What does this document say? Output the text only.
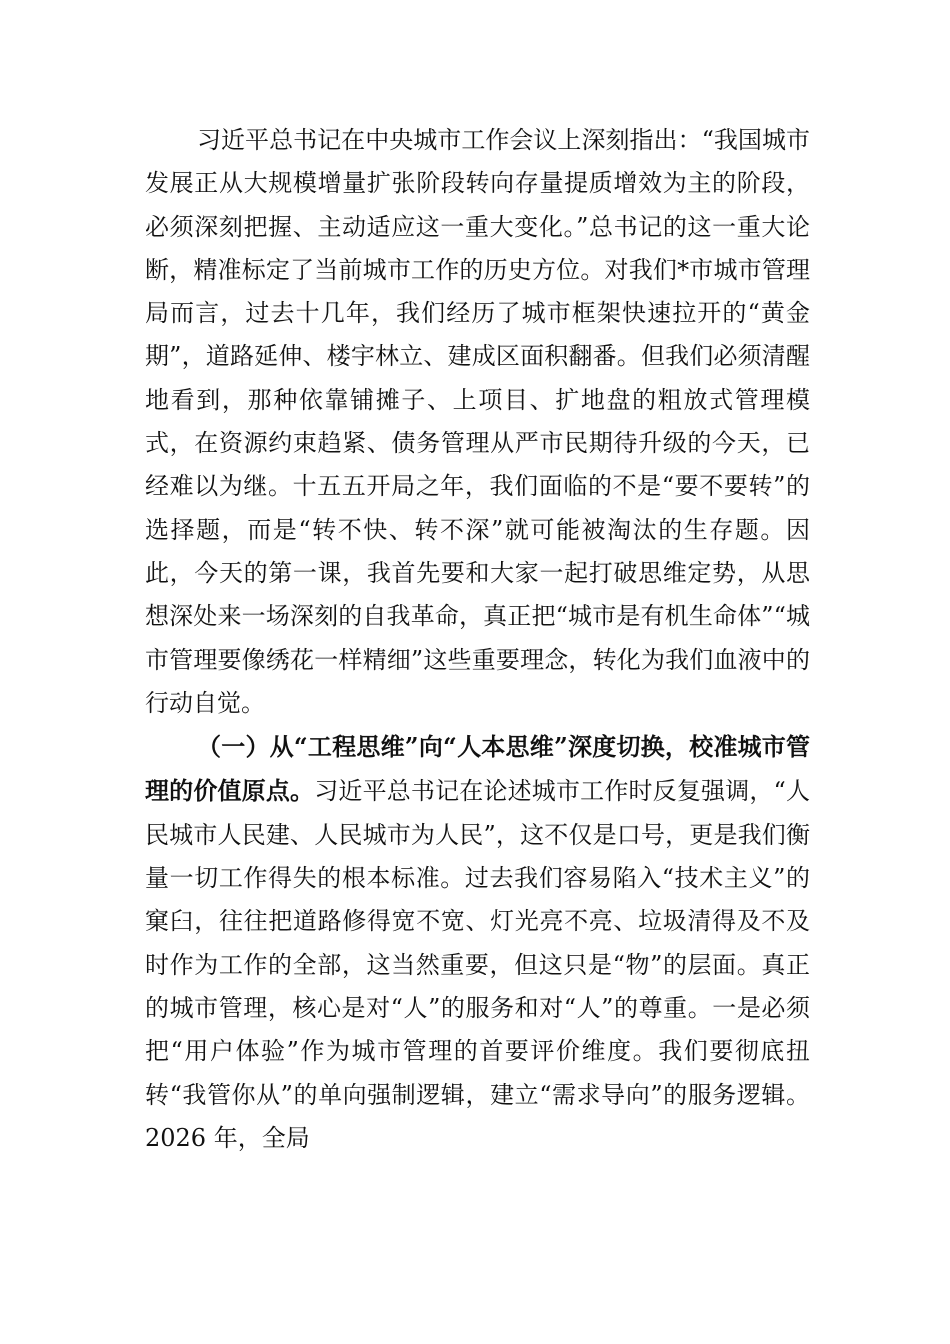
习近平总书记在中央城市工作会议上深刻指出：“我国城市发展正从大规模增量扩张阶段转向存量提质增效为主的阶段，必须深刻把握、主动适应这一重大变化。”总书记的这一重大论断，精准标定了当前城市工作的历史方位。对我们*市城市管理局而言，过去十几年，我们经历了城市框架快速拉开的“黄金期”，道路延伸、楼宇林立、建成区面积翻番。但我们必须清醒地看到，那种依靠铺摊子、上项目、扩地盘的粗放式管理模式，在资源约束趋紧、债务管理从严市民期待升级的今天，已经难以为继。十五五开局之年，我们面临的不是“要不要转”的选择题，而是“转不快、转不深”就可能被淘汰的生存题。因此，今天的第一课，我首先要和大家一起打破思维定势，从思想深处来一场深刻的自我革命，真正把“城市是有机生命体”“城市管理要像绣花一样精细”这些重要理念，转化为我们血液中的行动自觉。

（一）从“工程思维”向“人本思维”深度切换，校准城市管理的价值原点。习近平总书记在论述城市工作时反复强调，“人民城市人民建、人民城市为人民”，这不仅是口号，更是我们衡量一切工作得失的根本标准。过去我们容易陷入“技术主义”的窠臼，往往把道路修得宽不宽、灯光亮不亮、垃圾清得及不及时作为工作的全部，这当然重要，但这只是“物”的层面。真正的城市管理，核心是对“人”的服务和对“人”的尊重。一是必须把“用户体验”作为城市管理的首要评价维度。我们要彻底扭转“我管你从”的单向强制逻辑，建立“需求导向”的服务逻辑。2026 年，全局
